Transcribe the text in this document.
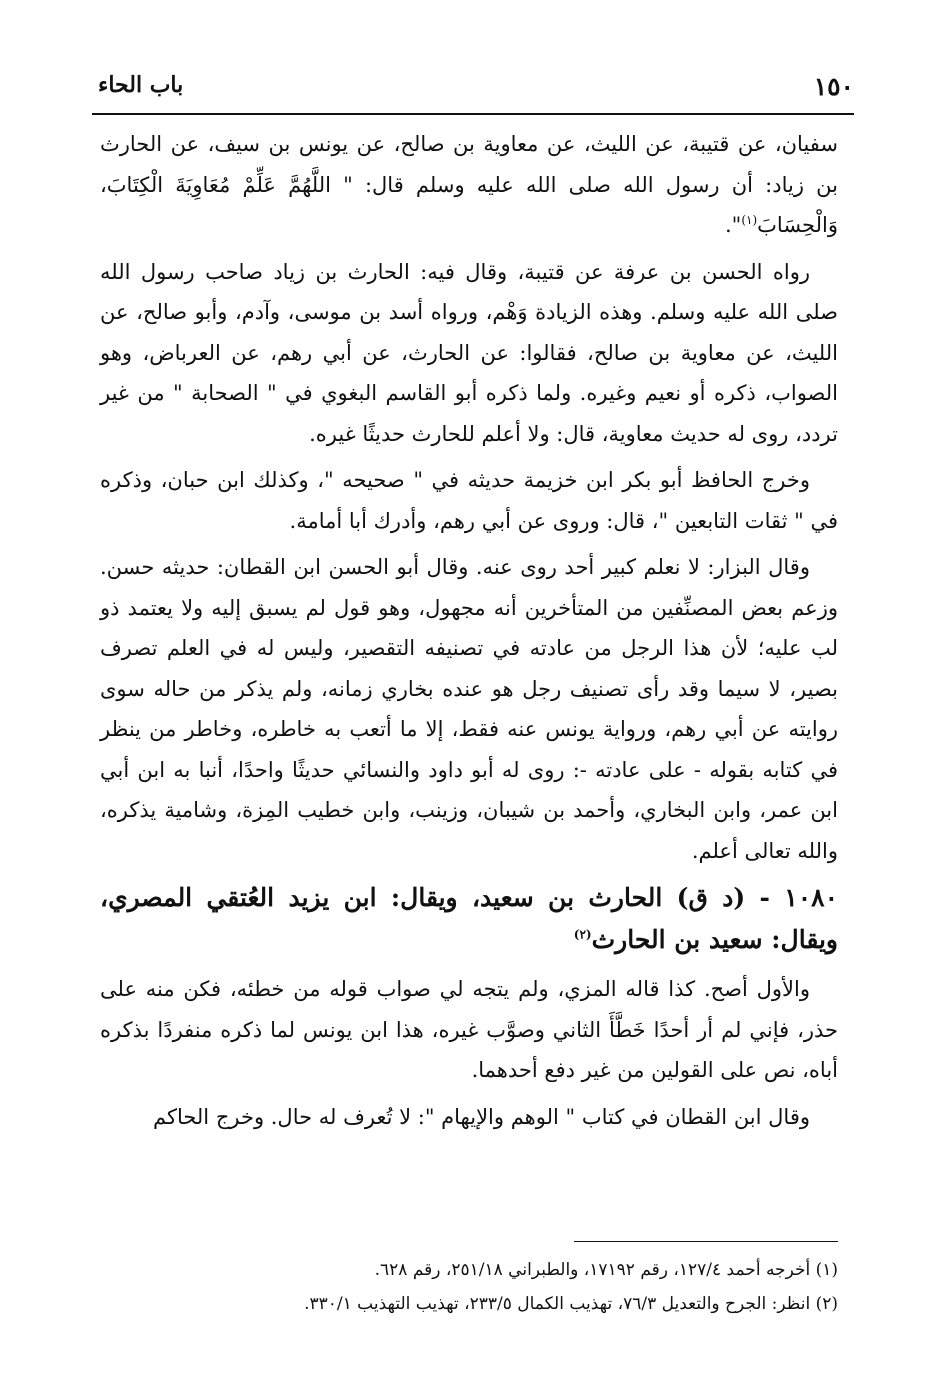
١٥٠
باب الحاء

سفيان، عن قتيبة، عن الليث، عن معاوية بن صالح، عن يونس بن سيف، عن الحارث بن زياد: أن رسول الله صلى الله عليه وسلم قال: " اللَّهُمَّ عَلِّمْ مُعَاوِيَةَ الْكِتَابَ، وَالْحِسَابَ$^{(١)}$".

رواه الحسن بن عرفة عن قتيبة، وقال فيه: الحارث بن زياد صاحب رسول الله صلى الله عليه وسلم. وهذه الزيادة وَهْم، ورواه أسد بن موسى، وآدم، وأبو صالح، عن الليث، عن معاوية بن صالح، فقالوا: عن الحارث، عن أبي رهم، عن العرباض، وهو الصواب، ذكره أو نعيم وغيره. ولما ذكره أبو القاسم البغوي في " الصحابة " من غير تردد، روى له حديث معاوية، قال: ولا أعلم للحارث حديثًا غيره.

وخرج الحافظ أبو بكر ابن خزيمة حديثه في " صحيحه "، وكذلك ابن حبان، وذكره في " ثقات التابعين "، قال: وروى عن أبي رهم، وأدرك أبا أمامة.

وقال البزار: لا نعلم كبير أحد روى عنه. وقال أبو الحسن ابن القطان: حديثه حسن. وزعم بعض المصنِّفين من المتأخرين أنه مجهول، وهو قول لم يسبق إليه ولا يعتمد ذو لب عليه؛ لأن هذا الرجل من عادته في تصنيفه التقصير، وليس له في العلم تصرف بصير، لا سيما وقد رأى تصنيف رجل هو عنده بخاري زمانه، ولم يذكر من حاله سوى روايته عن أبي رهم، ورواية يونس عنه فقط، إلا ما أتعب به خاطره، وخاطر من ينظر في كتابه بقوله - على عادته -: روى له أبو داود والنسائي حديثًا واحدًا، أنبا به ابن أبي ابن عمر، وابن البخاري، وأحمد بن شيبان، وزينب، وابن خطيب المِزة، وشامية يذكره، والله تعالى أعلم.

١٠٨٠ - (د ق) الحارث بن سعيد، ويقال: ابن يزيد العُتقي المصري، ويقال: سعيد بن الحارث$^{(٢)}$

والأول أصح. كذا قاله المزي، ولم يتجه لي صواب قوله من خطئه، فكن منه على حذر، فإني لم أر أحدًا خَطَّأَ الثاني وصوَّب غيره، هذا ابن يونس لما ذكره منفردًا بذكره أباه، نص على القولين من غير دفع أحدهما.

وقال ابن القطان في كتاب " الوهم والإيهام ": لا تُعرف له حال. وخرج الحاكم

(١) أخرجه أحمد ١٢٧/٤، رقم ١٧١٩٢، والطبراني ٢٥١/١٨، رقم ٦٢٨.

(٢) انظر: الجرح والتعديل ٧٦/٣، تهذيب الكمال ٢٣٣/٥، تهذيب التهذيب ٣٣٠/١.
